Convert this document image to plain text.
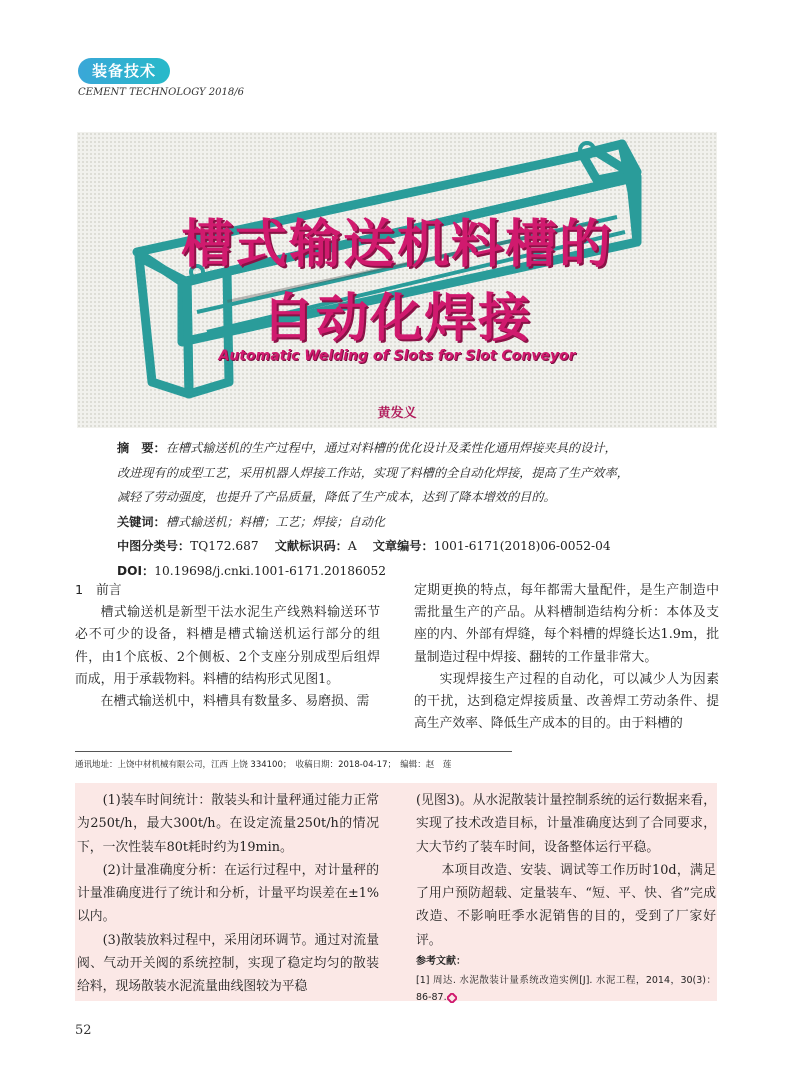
装备技术
CEMENT TECHNOLOGY 2018/6
槽式输送机料槽的
自动化焊接
Automatic Welding of Slots for Slot Conveyor
黄发义

摘　要：在槽式输送机的生产过程中，通过对料槽的优化设计及柔性化通用焊接夹具的设计，

改进现有的成型工艺，采用机器人焊接工作站，实现了料槽的全自动化焊接，提高了生产效率，

减轻了劳动强度，也提升了产品质量，降低了生产成本，达到了降本增效的目的。

关键词：槽式输送机；料槽；工艺；焊接；自动化

中图分类号：TQ172.687　 文献标识码：A　 文章编号：1001-6171(2018)06-0052-04

DOI：10.19698/j.cnki.1001-6171.20186052

1　前言

槽式输送机是新型干法水泥生产线熟料输送环节必不可少的设备，料槽是槽式输送机运行部分的组件，由1个底板、2个侧板、2个支座分别成型后组焊而成，用于承载物料。料槽的结构形式见图1。

在槽式输送机中，料槽具有数量多、易磨损、需

定期更换的特点，每年都需大量配件，是生产制造中需批量生产的产品。从料槽制造结构分析：本体及支座的内、外部有焊缝，每个料槽的焊缝长达1.9m，批量制造过程中焊接、翻转的工作量非常大。

实现焊接生产过程的自动化，可以减少人为因素的干扰，达到稳定焊接质量、改善焊工劳动条件、提高生产效率、降低生产成本的目的。由于料槽的

通讯地址：上饶中材机械有限公司，江西 上饶 334100；　收稿日期：2018-04-17；　编辑：赵　莲

(1)装车时间统计：散装头和计量秤通过能力正常为250t/h，最大300t/h。在设定流量250t/h的情况下，一次性装车80t耗时约为19min。

(2)计量准确度分析：在运行过程中，对计量秤的计量准确度进行了统计和分析，计量平均误差在±1%以内。

(3)散装放料过程中，采用闭环调节。通过对流量阀、气动开关阀的系统控制，实现了稳定均匀的散装给料，现场散装水泥流量曲线图较为平稳

(见图3)。从水泥散装计量控制系统的运行数据来看，实现了技术改造目标，计量准确度达到了合同要求，大大节约了装车时间，设备整体运行平稳。

本项目改造、安装、调试等工作历时10d，满足了用户预防超载、定量装车、“短、平、快、省”完成改造、不影响旺季水泥销售的目的，受到了厂家好评。

参考文献：

[1] 周达. 水泥散装计量系统改造实例[J]. 水泥工程，2014，30(3)：86-87.

52
